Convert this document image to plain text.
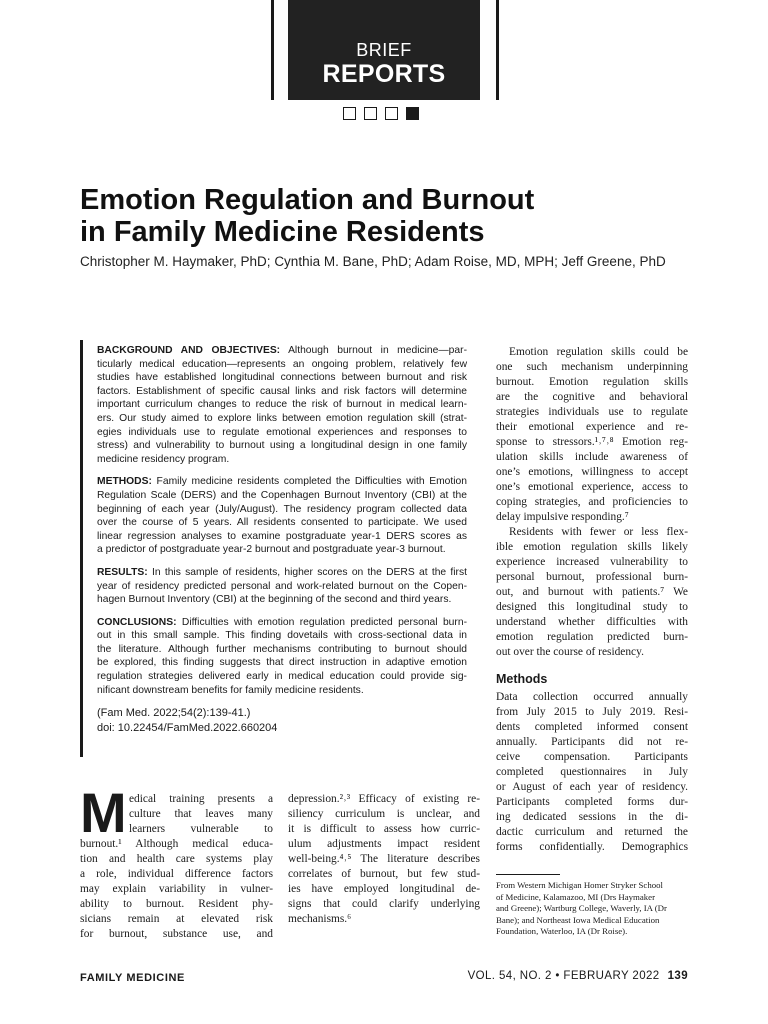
BRIEF
REPORTS
Emotion Regulation and Burnout
in Family Medicine Residents
Christopher M. Haymaker, PhD; Cynthia M. Bane, PhD; Adam Roise, MD, MPH; Jeff Greene, PhD

BACKGROUND AND OBJECTIVES: Although burnout in medicine—par-
ticularly medical education—represents an ongoing problem, relatively few
studies have established longitudinal connections between burnout and risk
factors. Establishment of specific causal links and risk factors will determine
important curriculum changes to reduce the risk of burnout in medical learn-
ers. Our study aimed to explore links between emotion regulation skill (strat-
egies individuals use to regulate emotional experiences and responses to
stress) and vulnerability to burnout using a longitudinal design in one family
medicine residency program.

METHODS: Family medicine residents completed the Difficulties with Emotion
Regulation Scale (DERS) and the Copenhagen Burnout Inventory (CBI) at the
beginning of each year (July/August). The residency program collected data
over the course of 5 years. All residents consented to participate. We used
linear regression analyses to examine postgraduate year-1 DERS scores as
a predictor of postgraduate year-2 burnout and postgraduate year-3 burnout.

RESULTS: In this sample of residents, higher scores on the DERS at the first
year of residency predicted personal and work-related burnout on the Copen-
hagen Burnout Inventory (CBI) at the beginning of the second and third years.

CONCLUSIONS: Difficulties with emotion regulation predicted personal burn-
out in this small sample. This finding dovetails with cross-sectional data in
the literature. Although further mechanisms contributing to burnout should
be explored, this finding suggests that direct instruction in adaptive emotion
regulation strategies delivered early in medical education could provide sig-
nificant downstream benefits for family medicine residents.

(Fam Med. 2022;54(2):139-41.)
doi: 10.22454/FamMed.2022.660204
M edical training presents a
culture that leaves many
learners vulnerable to
burnout.¹ Although medical educa-
tion and health care systems play
a role, individual difference factors
may explain variability in vulner-
ability to burnout. Resident phy-
sicians remain at elevated risk
for burnout, substance use, and
depression.²˒³ Efficacy of existing re-
siliency curriculum is unclear, and
it is difficult to assess how curric-
ulum adjustments impact resident
well-being.⁴˒⁵ The literature describes
correlates of burnout, but few stud-
ies have employed longitudinal de-
signs that could clarify underlying
mechanisms.⁶
Emotion regulation skills could be
one such mechanism underpinning
burnout. Emotion regulation skills
are the cognitive and behavioral
strategies individuals use to regulate
their emotional experience and re-
sponse to stressors.¹˒⁷˒⁸ Emotion reg-
ulation skills include awareness of
one’s emotions, willingness to accept
one’s emotional experience, access to
coping strategies, and proficiencies to
delay impulsive responding.⁷
Residents with fewer or less flex-
ible emotion regulation skills likely
experience increased vulnerability to
personal burnout, professional burn-
out, and burnout with patients.⁷ We
designed this longitudinal study to
understand whether difficulties with
emotion regulation predicted burn-
out over the course of residency.
Methods
Data collection occurred annually
from July 2015 to July 2019. Resi-
dents completed informed consent
annually. Participants did not re-
ceive compensation. Participants
completed questionnaires in July
or August of each year of residency.
Participants completed forms dur-
ing dedicated sessions in the di-
dactic curriculum and returned the
forms confidentially. Demographics
From Western Michigan Homer Stryker School
of Medicine, Kalamazoo, MI (Drs Haymaker
and Greene); Wartburg College, Waverly, IA (Dr
Bane); and Northeast Iowa Medical Education
Foundation, Waterloo, IA (Dr Roise).
FAMILY MEDICINE	VOL. 54, NO. 2 • FEBRUARY 2022 139
